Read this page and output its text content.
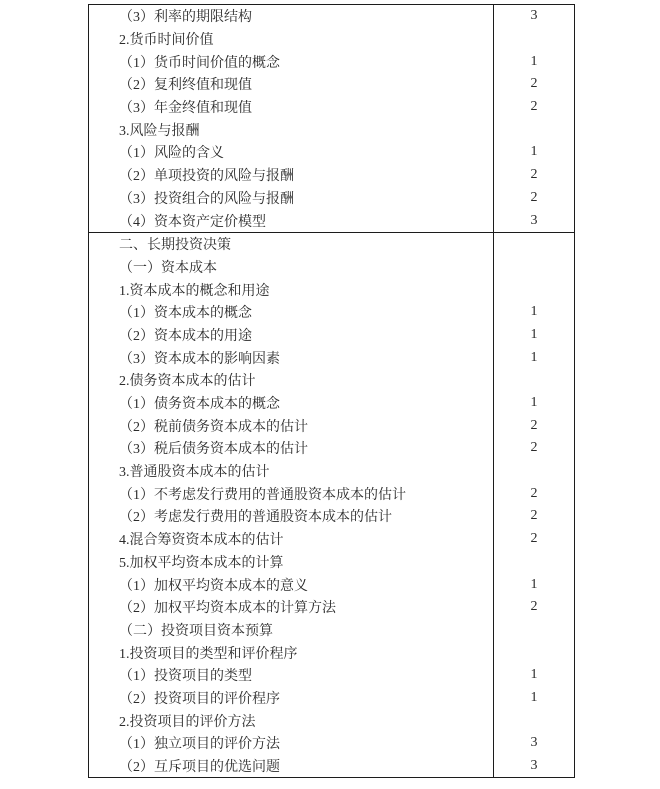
（3）利率的期限结构	3
2.货币时间价值
（1）货币时间价值的概念	1
（2）复利终值和现值	2
（3）年金终值和现值	2
3.风险与报酬
（1）风险的含义	1
（2）单项投资的风险与报酬	2
（3）投资组合的风险与报酬	2
（4）资本资产定价模型	3
二、长期投资决策
（一）资本成本
1.资本成本的概念和用途
（1）资本成本的概念	1
（2）资本成本的用途	1
（3）资本成本的影响因素	1
2.债务资本成本的估计
（1）债务资本成本的概念	1
（2）税前债务资本成本的估计	2
（3）税后债务资本成本的估计	2
3.普通股资本成本的估计
（1）不考虑发行费用的普通股资本成本的估计	2
（2）考虑发行费用的普通股资本成本的估计	2
4.混合筹资资本成本的估计	2
5.加权平均资本成本的计算
（1）加权平均资本成本的意义	1
（2）加权平均资本成本的计算方法	2
（二）投资项目资本预算
1.投资项目的类型和评价程序
（1）投资项目的类型	1
（2）投资项目的评价程序	1
2.投资项目的评价方法
（1）独立项目的评价方法	3
（2）互斥项目的优选问题	3
